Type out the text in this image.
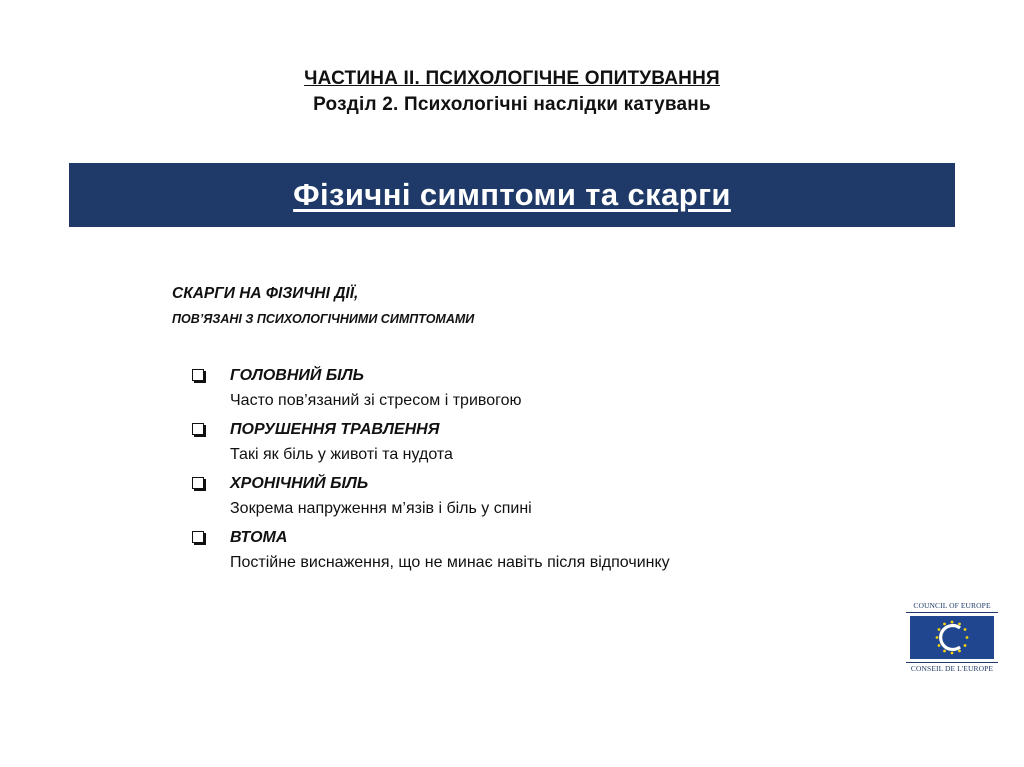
ЧАСТИНА ІІ. ПСИХОЛОГІЧНЕ ОПИТУВАННЯ
Розділ 2. Психологічні наслідки катувань
Фізичні симптоми та скарги
СКАРГИ НА ФІЗИЧНІ ДІЇ,
ПОВ’ЯЗАНІ З ПСИХОЛОГІЧНИМИ СИМПТОМАМИ
ГОЛОВНИЙ БІЛЬ
Часто пов’язаний зі стресом і тривогою
ПОРУШЕННЯ ТРАВЛЕННЯ
Такі як біль у животі та нудота
ХРОНІЧНИЙ БІЛЬ
Зокрема напруження м’язів і біль у спині
ВТОМА
Постійне виснаження, що не минає навіть після відпочинку
COUNCIL OF EUROPE
CONSEIL DE L'EUROPE
